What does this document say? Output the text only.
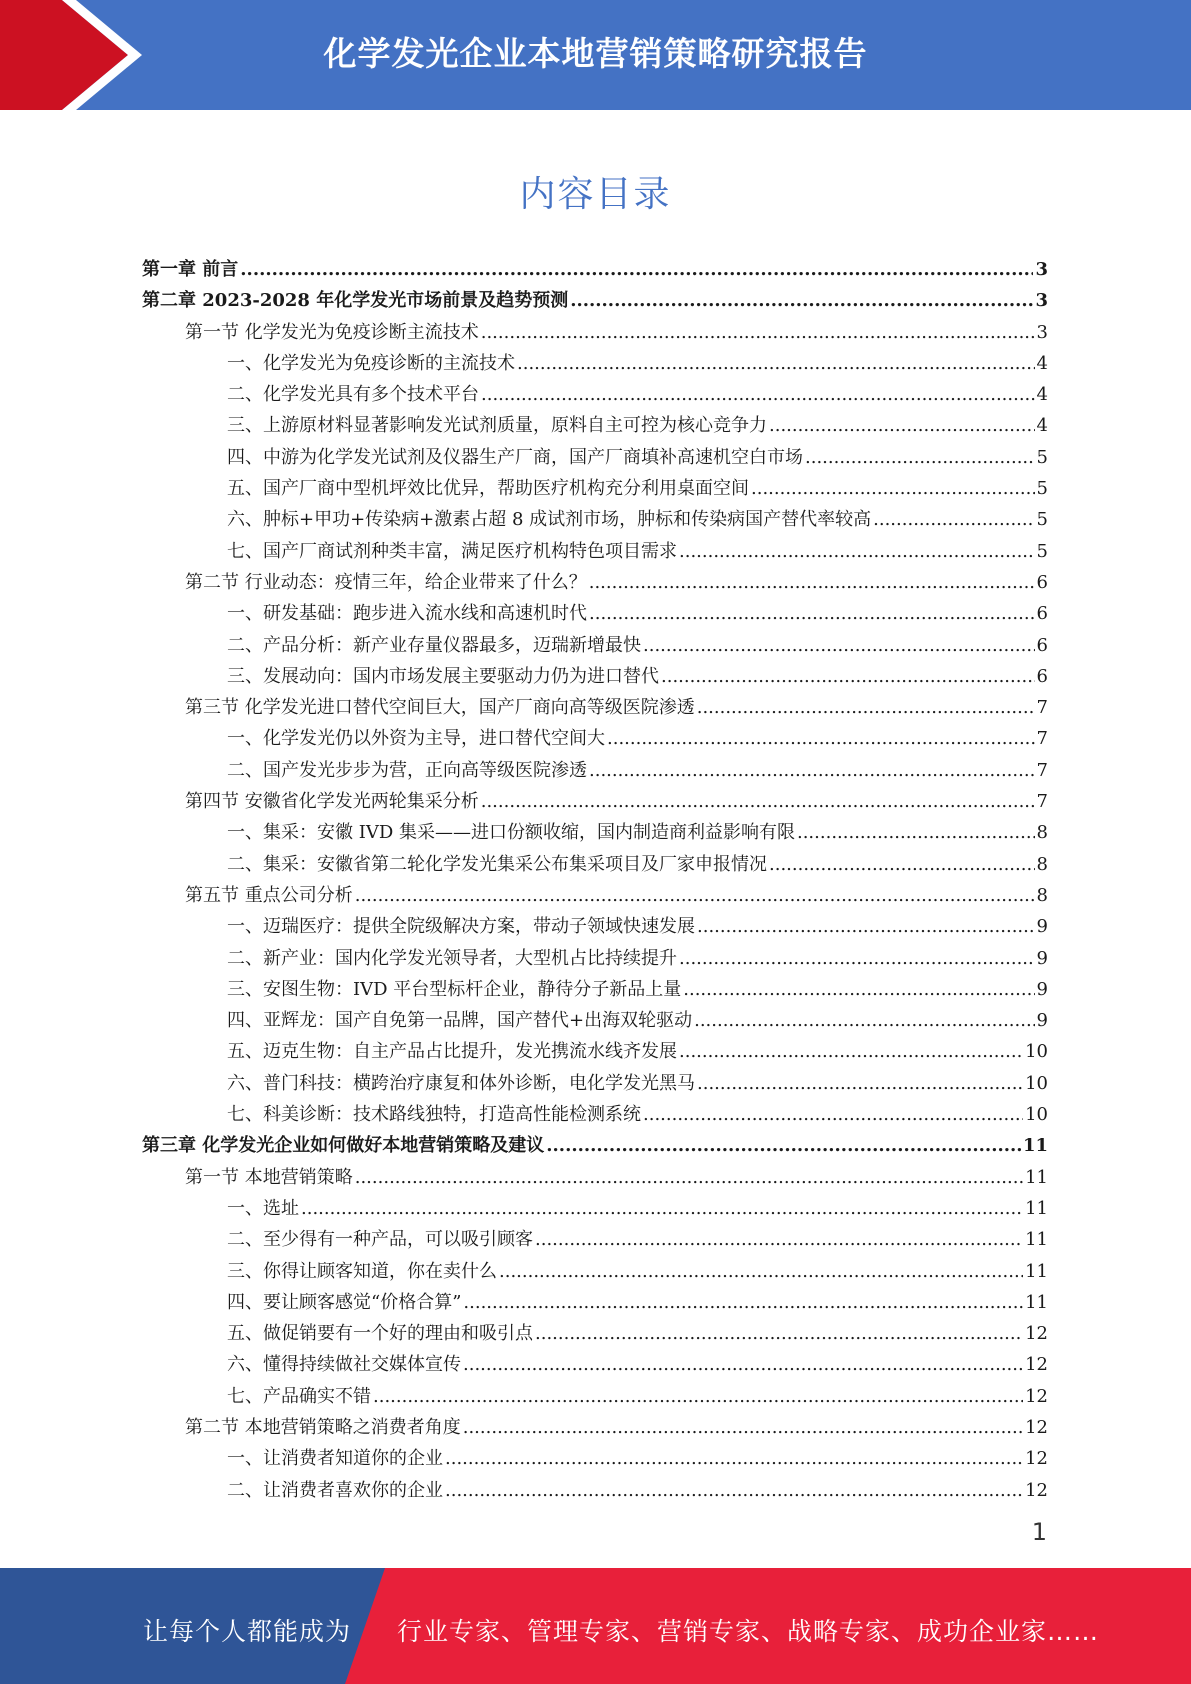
化学发光企业本地营销策略研究报告
内容目录
第一章 前言 .....	3
第二章 2023-2028 年化学发光市场前景及趋势预测 .....	3
第一节 化学发光为免疫诊断主流技术 .....	3
一、化学发光为免疫诊断的主流技术 .....	4
二、化学发光具有多个技术平台 .....	4
三、上游原材料显著影响发光试剂质量，原料自主可控为核心竞争力 .....	4
四、中游为化学发光试剂及仪器生产厂商，国产厂商填补高速机空白市场 .....	5
五、国产厂商中型机坪效比优异，帮助医疗机构充分利用桌面空间 .....	5
六、肿标+甲功+传染病+激素占超 8 成试剂市场，肿标和传染病国产替代率较高 .....	5
七、国产厂商试剂种类丰富，满足医疗机构特色项目需求 .....	5
第二节 行业动态：疫情三年，给企业带来了什么？ .....	6
一、研发基础：跑步进入流水线和高速机时代 .....	6
二、产品分析：新产业存量仪器最多，迈瑞新增最快 .....	6
三、发展动向：国内市场发展主要驱动力仍为进口替代 .....	6
第三节 化学发光进口替代空间巨大，国产厂商向高等级医院渗透 .....	7
一、化学发光仍以外资为主导，进口替代空间大 .....	7
二、国产发光步步为营，正向高等级医院渗透 .....	7
第四节 安徽省化学发光两轮集采分析 .....	7
一、集采：安徽 IVD 集采——进口份额收缩，国内制造商利益影响有限 .....	8
二、集采：安徽省第二轮化学发光集采公布集采项目及厂家申报情况 .....	8
第五节 重点公司分析 .....	8
一、迈瑞医疗：提供全院级解决方案，带动子领域快速发展 .....	9
二、新产业：国内化学发光领导者，大型机占比持续提升 .....	9
三、安图生物：IVD 平台型标杆企业，静待分子新品上量 .....	9
四、亚辉龙：国产自免第一品牌，国产替代+出海双轮驱动 .....	9
五、迈克生物：自主产品占比提升，发光携流水线齐发展 .....	10
六、普门科技：横跨治疗康复和体外诊断，电化学发光黑马 .....	10
七、科美诊断：技术路线独特，打造高性能检测系统 .....	10
第三章 化学发光企业如何做好本地营销策略及建议 .....	11
第一节 本地营销策略 .....	11
一、选址 .....	11
二、至少得有一种产品，可以吸引顾客 .....	11
三、你得让顾客知道，你在卖什么 .....	11
四、要让顾客感觉“价格合算” .....	11
五、做促销要有一个好的理由和吸引点 .....	12
六、懂得持续做社交媒体宣传 .....	12
七、产品确实不错 .....	12
第二节 本地营销策略之消费者角度 .....	12
一、让消费者知道你的企业 .....	12
二、让消费者喜欢你的企业 .....	12
1
让每个人都能成为 行业专家、管理专家、营销专家、战略专家、成功企业家……
